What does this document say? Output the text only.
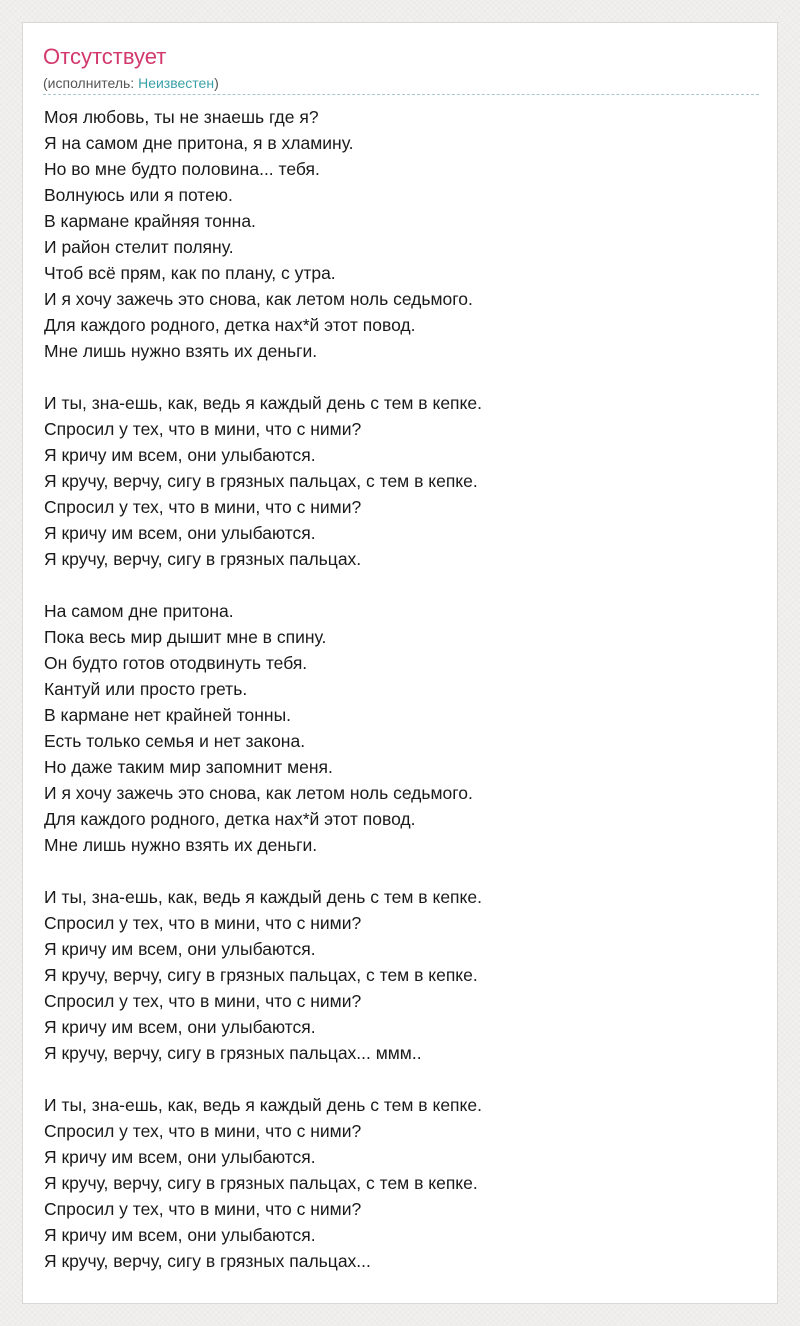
Отсутствует
(исполнитель: Неизвестен)
Моя любовь, ты не знаешь где я?
Я на самом дне притона, я в хламину.
Но во мне будто половина... тебя.
Волнуюсь или я потею.
В кармане крайняя тонна.
И район стелит поляну.
Чтоб всё прям, как по плану, с утра.
И я хочу зажечь это снова, как летом ноль седьмого.
Для каждого родного, детка нах*й этот повод.
Мне лишь нужно взять их деньги.
И ты, зна-ешь, как, ведь я каждый день с тем в кепке.
Спросил у тех, что в мини, что с ними?
Я кричу им всем, они улыбаются.
Я кручу, верчу, сигу в грязных пальцах, с тем в кепке.
Спросил у тех, что в мини, что с ними?
Я кричу им всем, они улыбаются.
Я кручу, верчу, сигу в грязных пальцах.
На самом дне притона.
Пока весь мир дышит мне в спину.
Он будто готов отодвинуть тебя.
Кантуй или просто греть.
В кармане нет крайней тонны.
Есть только семья и нет закона.
Но даже таким мир запомнит меня.
И я хочу зажечь это снова, как летом ноль седьмого.
Для каждого родного, детка нах*й этот повод.
Мне лишь нужно взять их деньги.
И ты, зна-ешь, как, ведь я каждый день с тем в кепке.
Спросил у тех, что в мини, что с ними?
Я кричу им всем, они улыбаются.
Я кручу, верчу, сигу в грязных пальцах, с тем в кепке.
Спросил у тех, что в мини, что с ними?
Я кричу им всем, они улыбаются.
Я кручу, верчу, сигу в грязных пальцах... ммм..
И ты, зна-ешь, как, ведь я каждый день с тем в кепке.
Спросил у тех, что в мини, что с ними?
Я кричу им всем, они улыбаются.
Я кручу, верчу, сигу в грязных пальцах, с тем в кепке.
Спросил у тех, что в мини, что с ними?
Я кричу им всем, они улыбаются.
Я кручу, верчу, сигу в грязных пальцах...
